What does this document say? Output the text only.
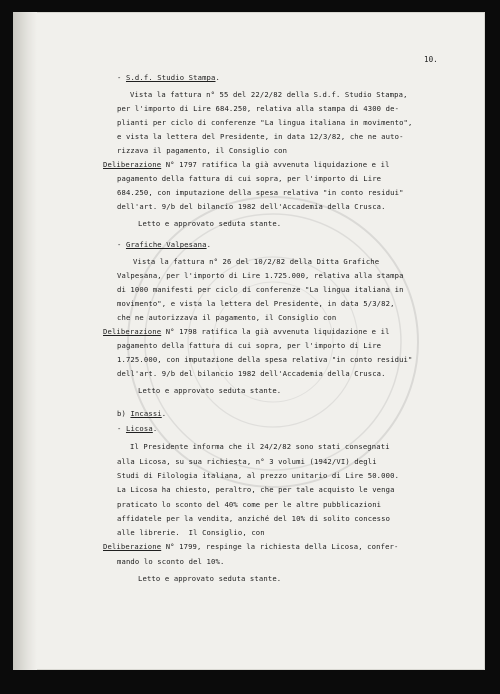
10.
- S.d.f. Studio Stampa.
Vista la fattura n° 55 del 22/2/82 della S.d.f. Studio Stampa,
per l'importo di Lire 684.250, relativa alla stampa di 4300 de-
plianti per ciclo di conferenze "La lingua italiana in movimento",
e vista la lettera del Presidente, in data 12/3/82, che ne auto-
rizzava il pagamento, il Consiglio con
Deliberazione N° 1797 ratifica la già avvenuta liquidazione e il
pagamento della fattura di cui sopra, per l'importo di Lire
684.250, con imputazione della spesa relativa "in conto residui"
dell'art. 9/b del bilancio 1982 dell'Accademia della Crusca.
Letto e approvato seduta stante.
- Grafiche Valpesana.
Vista la fattura n° 26 del 10/2/82 della Ditta Grafiche
Valpesana, per l'importo di Lire 1.725.000, relativa alla stampa
di 1000 manifesti per ciclo di conferenze "La lingua italiana in
movimento", e vista la lettera del Presidente, in data 5/3/82,
che ne autorizzava il pagamento, il Consiglio con
Deliberazione N° 1798 ratifica la già avvenuta liquidazione e il
pagamento della fattura di cui sopra, per l'importo di Lire
1.725.000, con imputazione della spesa relativa "in conto residui"
dell'art. 9/b del bilancio 1982 dell'Accademia della Crusca.
Letto e approvato seduta stante.
b) Incassi.
- Licosa.
Il Presidente informa che il 24/2/82 sono stati consegnati
alla Licosa, su sua richiesta, n° 3 volumi (1942/VI) degli
Studi di Filologia italiana, al prezzo unitario di Lire 50.000.
La Licosa ha chiesto, peraltro, che per tale acquisto le venga
praticato lo sconto del 40% come per le altre pubblicazioni
affidatele per la vendita, anziché del 10% di solito concesso
alle librerie.  Il Consiglio, con
Deliberazione N° 1799, respinge la richiesta della Licosa, confer-
mando lo sconto del 10%.
Letto e approvato seduta stante.
